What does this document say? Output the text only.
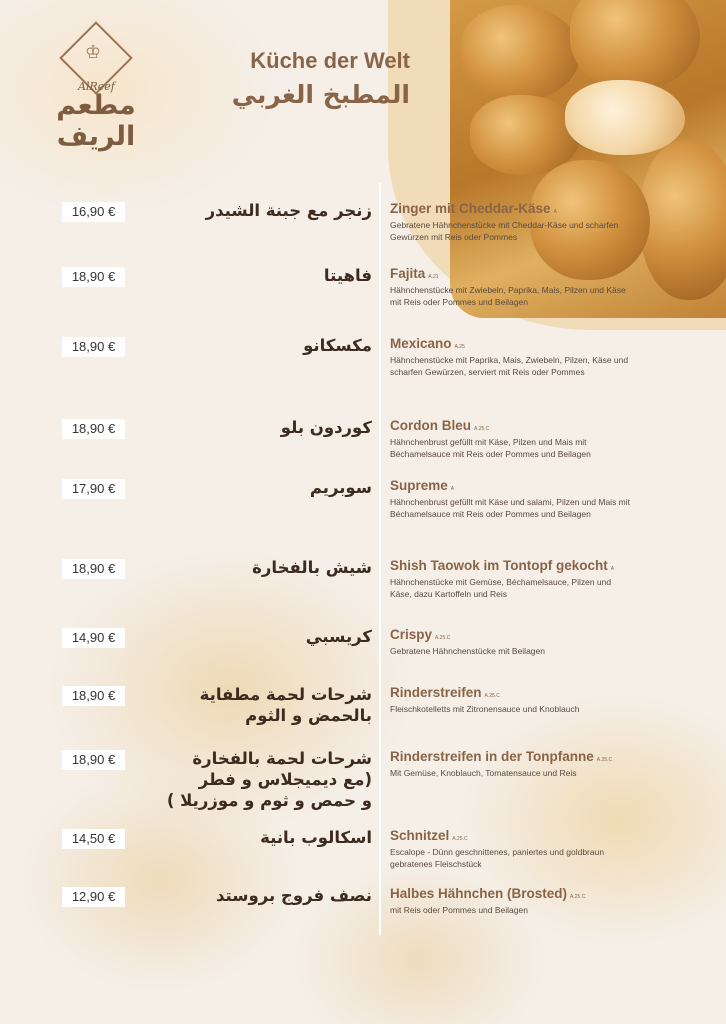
♔
AlReef
مطعم الريف
Küche der Welt
المطبخ الغربي
16,90 €	زنجر مع جبنة الشيدر Zinger mit Cheddar-Käse A
Gebratene Hähnchenstücke mit Cheddar-Käse und scharfen Gewürzen mit Reis oder Pommes
18,90 €	فاهيتا Fajita A.21
Hähnchenstücke mit Zwiebeln, Paprika, Mais, Pilzen und Käse mit Reis oder Pommes und Beilagen
18,90 €	مكسكانو Mexicano A.25
Hähnchenstücke mit Paprika, Mais, Zwiebeln, Pilzen, Käse und scharfen Gewürzen, serviert mit Reis oder Pommes
18,90 €	كوردون بلو Cordon Bleu A.25.C
Hähnchenbrust gefüllt mit Käse, Pilzen und Mais mit Béchamelsauce mit Reis oder Pommes und Beilagen
17,90 €	سوبريم Supreme A
Hähnchenbrust gefüllt mit Käse und salami, Pilzen und Mais mit Béchamelsauce mit Reis oder Pommes und Beilagen
18,90 €	شيش بالفخارة Shish Taowok im Tontopf gekocht A
Hähnchenstücke mit Gemüse, Béchamelsauce, Pilzen und Käse, dazu Kartoffeln und Reis
14,90 €	كريسبي Crispy A.25.C
Gebratene Hähnchenstücke mit Beilagen
18,90 €	شرحات لحمة مطفاية
بالحمض و الثوم
Rinderstreifen A.25.C
Fleischkotelletts mit Zitronensauce und Knoblauch
18,90 €	شرحات لحمة بالفخارة
(مع ديميجلاس و فطر
و حمص و ثوم و موزريلا )
Rinderstreifen in der Tonpfanne A.25.C
Mit Gemüse, Knoblauch, Tomatensauce und Reis
14,50 €	اسكالوب بانية Schnitzel A.25.C
Escalope - Dünn geschnittenes, paniertes und goldbraun gebratenes Fleischstück
12,90 €	نصف فروج بروستد Halbes Hähnchen (Brosted) A.25.C
mit Reis oder Pommes und Beilagen
